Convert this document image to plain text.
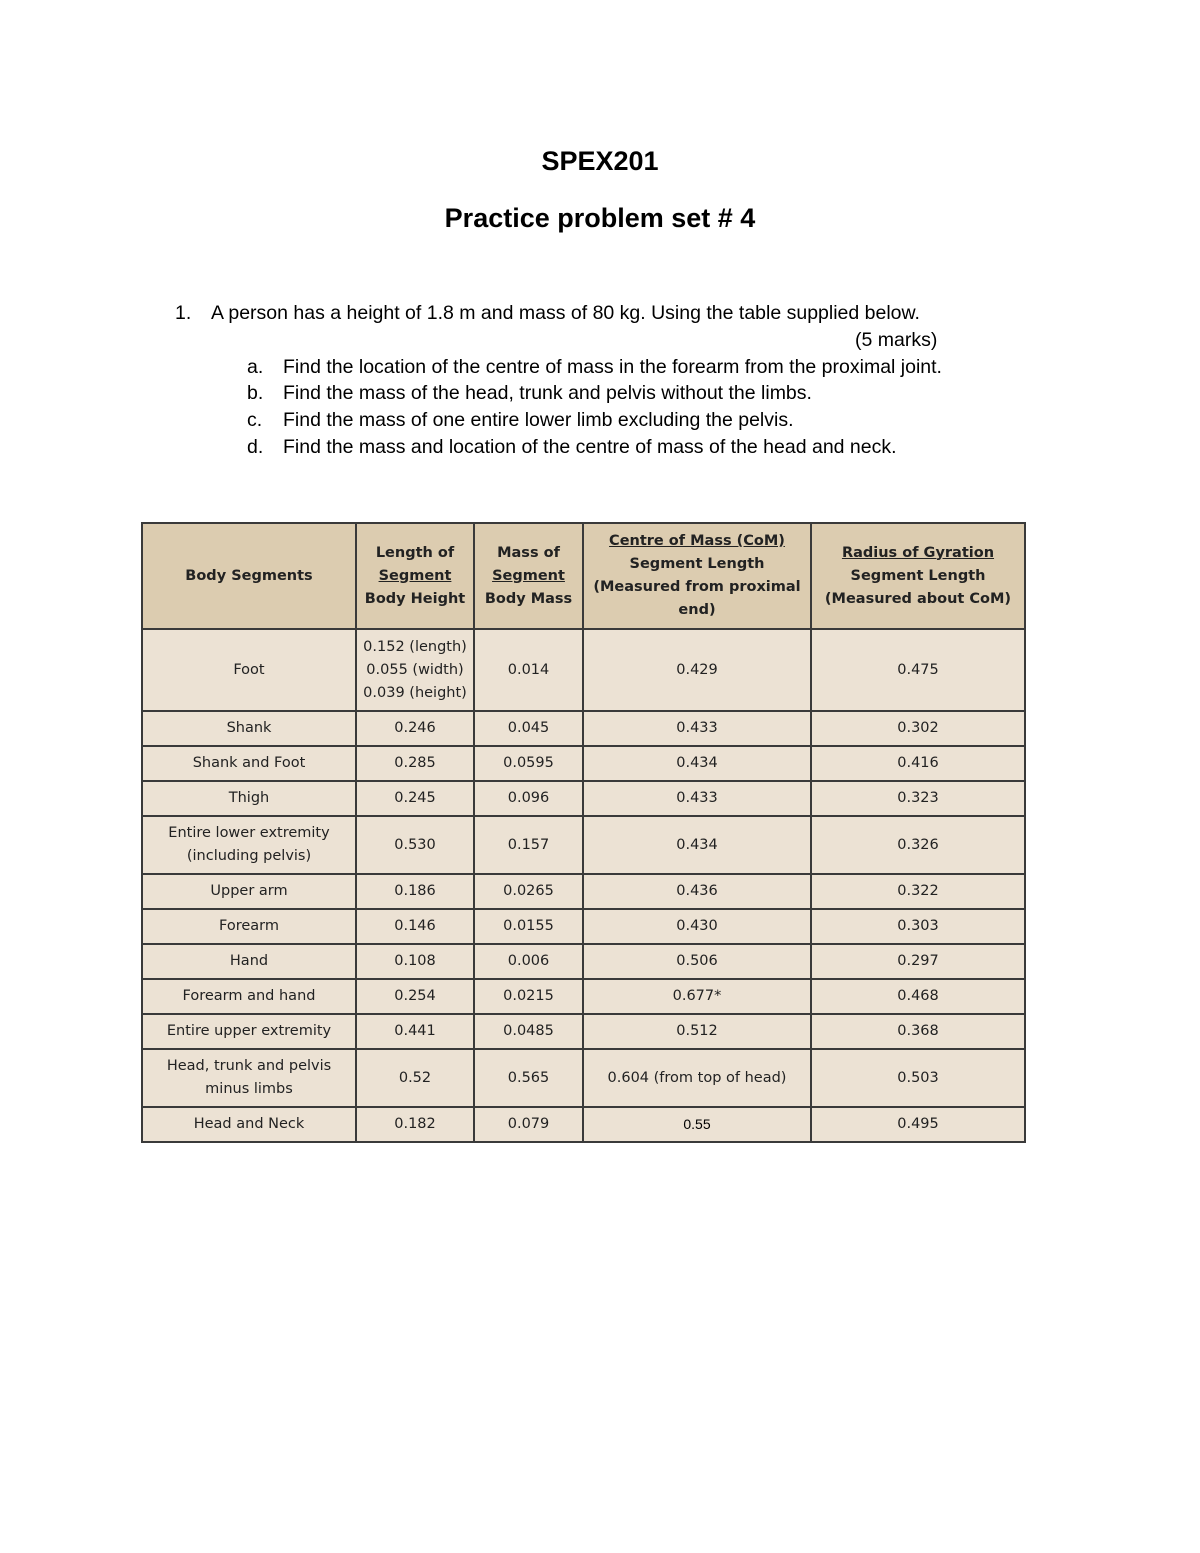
SPEX201
Practice problem set # 4
1. A person has a height of 1.8 m and mass of 80 kg. Using the table supplied below.
(5 marks)
a. Find the location of the centre of mass in the forearm from the proximal joint.
b. Find the mass of the head, trunk and pelvis without the limbs.
c. Find the mass of one entire lower limb excluding the pelvis.
d. Find the mass and location of the centre of mass of the head and neck.
Body Segments	Length of
Segment
Body Height	Mass of
Segment
Body Mass	Centre of Mass (CoM)
Segment Length
(Measured from proximal end)	Radius of Gyration
Segment Length
(Measured about CoM)

Foot	0.152 (length)
0.055 (width)
0.039 (height)	0.014	0.429	0.475
Shank	0.246	0.045	0.433	0.302
Shank and Foot	0.285	0.0595	0.434	0.416
Thigh	0.245	0.096	0.433	0.323

Entire lower extremity
(including pelvis)	0.530	0.157	0.434	0.326
Upper arm	0.186	0.0265	0.436	0.322
Forearm	0.146	0.0155	0.430	0.303
Hand	0.108	0.006	0.506	0.297
Forearm and hand	0.254	0.0215	0.677*	0.468
Entire upper extremity	0.441	0.0485	0.512	0.368

Head, trunk and pelvis
minus limbs	0.52	0.565	0.604 (from top of head)	0.503
Head and Neck	0.182	0.079	0.55	0.495
